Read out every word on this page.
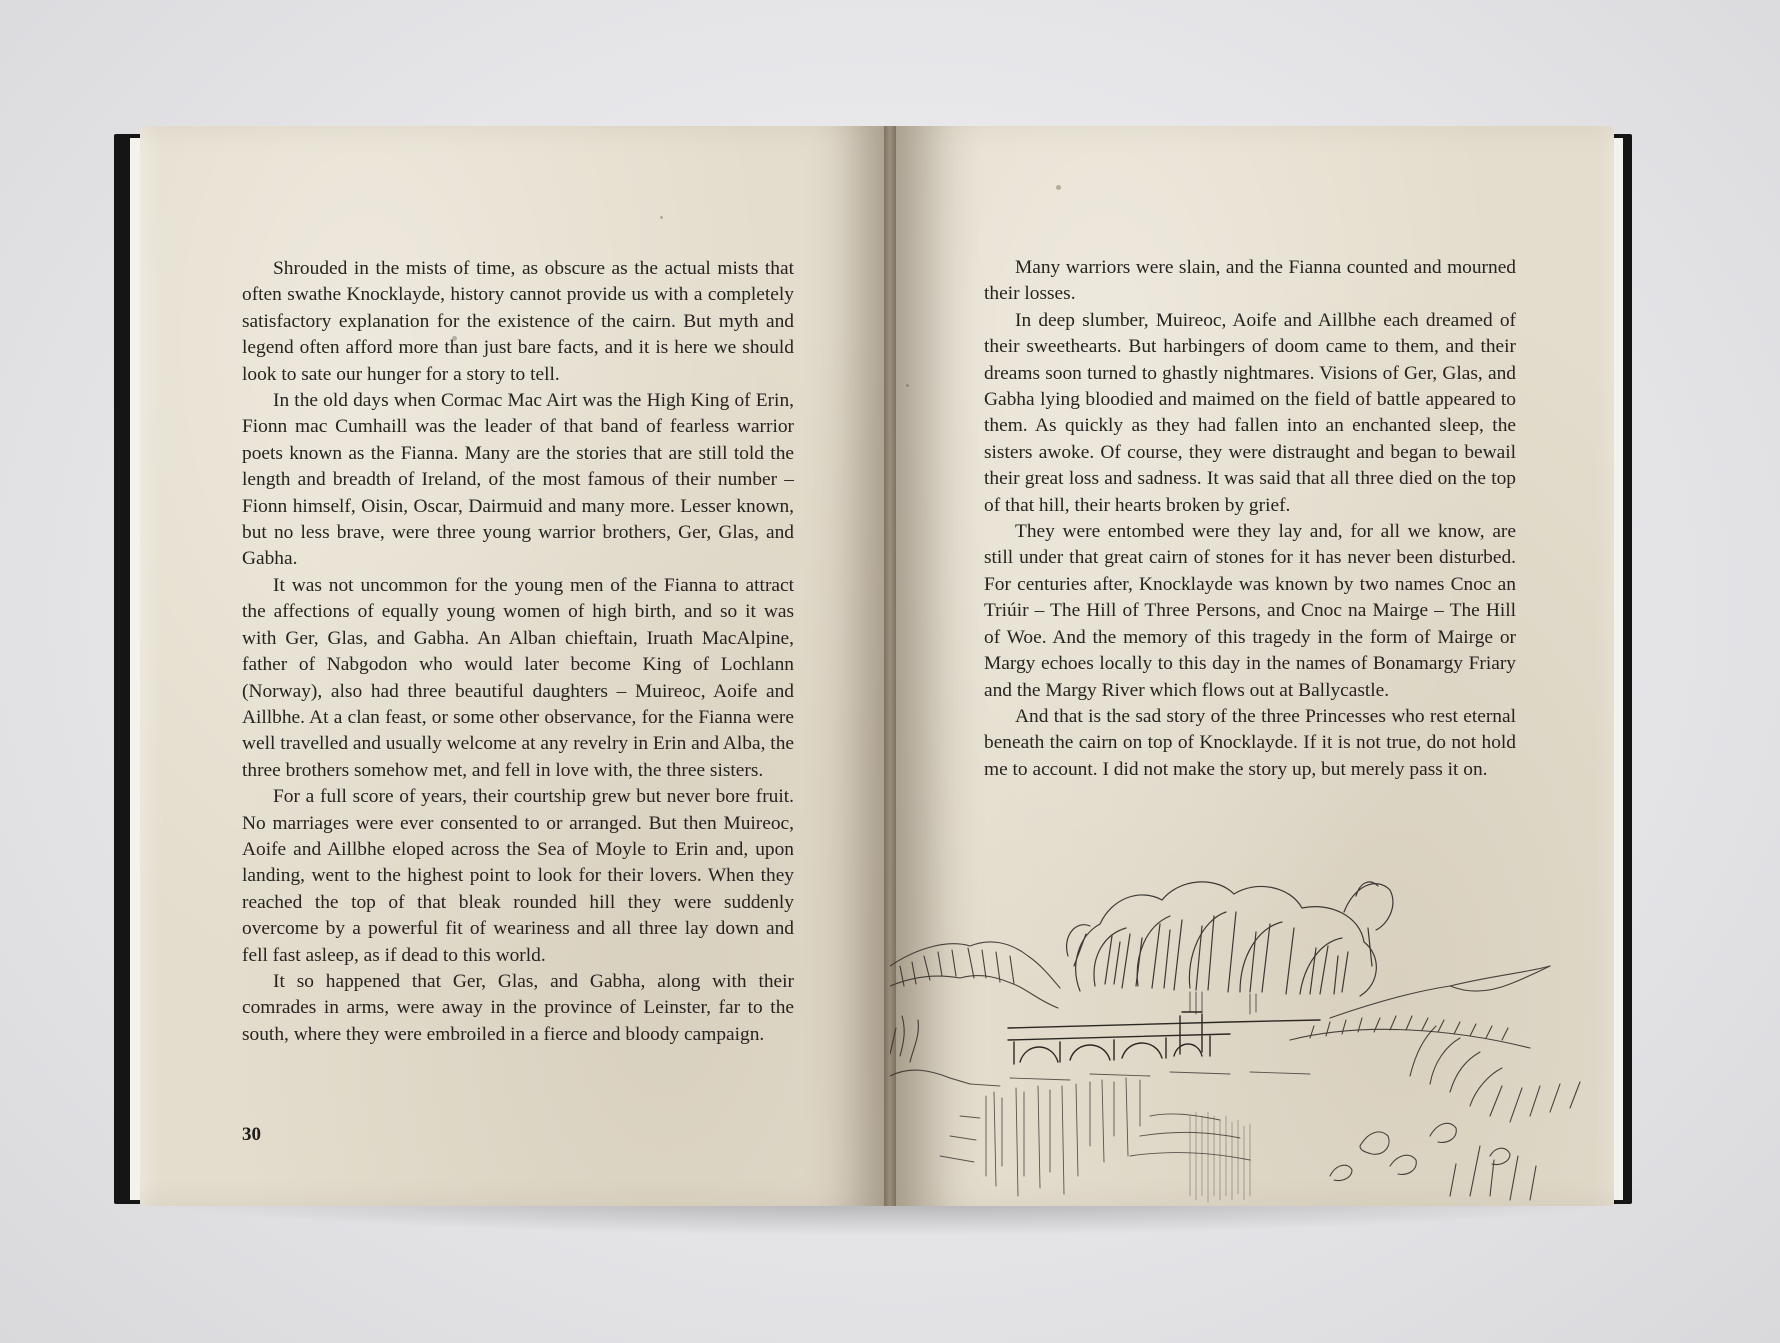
Shrouded in the mists of time, as obscure as the actual mists that often swathe Knocklayde, history cannot provide us with a completely satisfactory explanation for the existence of the cairn. But myth and legend often afford more than just bare facts, and it is here we should look to sate our hunger for a story to tell.

In the old days when Cormac Mac Airt was the High King of Erin, Fionn mac Cumhaill was the leader of that band of fearless warrior poets known as the Fianna. Many are the stories that are still told the length and breadth of Ireland, of the most famous of their number – Fionn himself, Oisin, Oscar, Dairmuid and many more. Lesser known, but no less brave, were three young warrior brothers, Ger, Glas, and Gabha.

It was not uncommon for the young men of the Fianna to attract the affections of equally young women of high birth, and so it was with Ger, Glas, and Gabha. An Alban chieftain, Iruath MacAlpine, father of Nabgodon who would later become King of Lochlann (Norway), also had three beautiful daughters – Muireoc, Aoife and Aillbhe. At a clan feast, or some other observance, for the Fianna were well travelled and usually welcome at any revelry in Erin and Alba, the three brothers somehow met, and fell in love with, the three sisters.

For a full score of years, their courtship grew but never bore fruit. No marriages were ever consented to or arranged. But then Muireoc, Aoife and Aillbhe eloped across the Sea of Moyle to Erin and, upon landing, went to the highest point to look for their lovers. When they reached the top of that bleak rounded hill they were suddenly overcome by a powerful fit of weariness and all three lay down and fell fast asleep, as if dead to this world.

It so happened that Ger, Glas, and Gabha, along with their comrades in arms, were away in the province of Leinster, far to the south, where they were embroiled in a fierce and bloody campaign.

30

Many warriors were slain, and the Fianna counted and mourned their losses.

In deep slumber, Muireoc, Aoife and Aillbhe each dreamed of their sweethearts. But harbingers of doom came to them, and their dreams soon turned to ghastly nightmares. Visions of Ger, Glas, and Gabha lying bloodied and maimed on the field of battle appeared to them. As quickly as they had fallen into an enchanted sleep, the sisters awoke. Of course, they were distraught and began to bewail their great loss and sadness. It was said that all three died on the top of that hill, their hearts broken by grief.

They were entombed were they lay and, for all we know, are still under that great cairn of stones for it has never been disturbed. For centuries after, Knocklayde was known by two names Cnoc an Triúir – The Hill of Three Persons, and Cnoc na Mairge – The Hill of Woe. And the memory of this tragedy in the form of Mairge or Margy echoes locally to this day in the names of Bonamargy Friary and the Margy River which flows out at Ballycastle.

And that is the sad story of the three Princesses who rest eternal beneath the cairn on top of Knocklayde. If it is not true, do not hold me to account. I did not make the story up, but merely pass it on.
